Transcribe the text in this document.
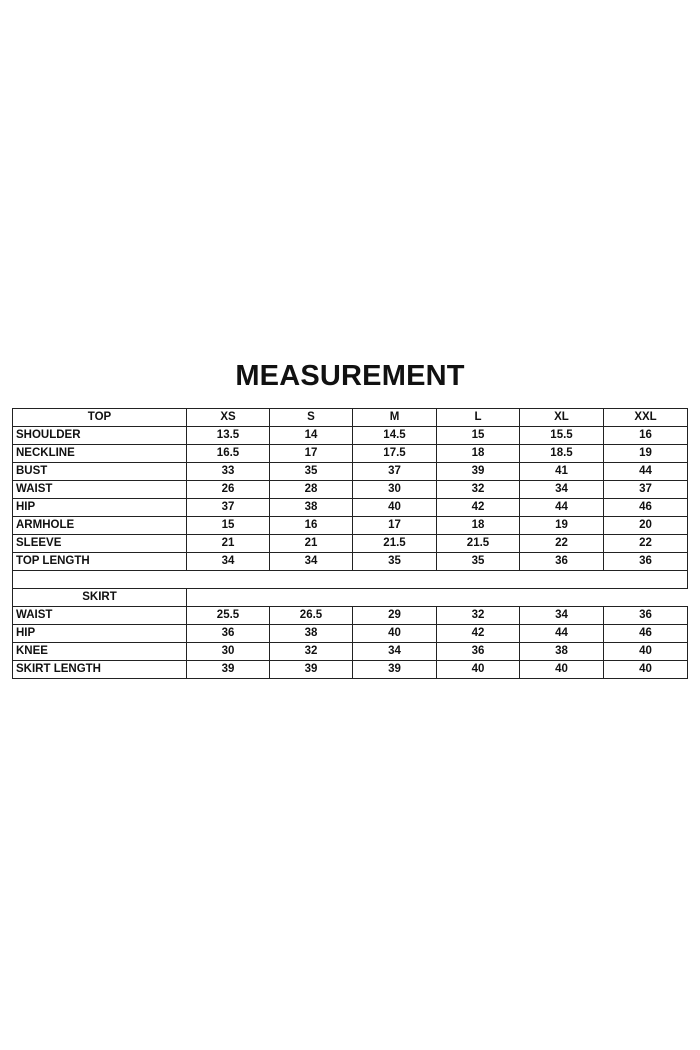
MEASUREMENT
TOP	XS	S	M	L	XL	XXL
SHOULDER	13.5	14	14.5	15	15.5	16
NECKLINE	16.5	17	17.5	18	18.5	19
BUST	33	35	37	39	41	44
WAIST	26	28	30	32	34	37
HIP	37	38	40	42	44	46
ARMHOLE	15	16	17	18	19	20
SLEEVE	21	21	21.5	21.5	22	22
TOP LENGTH	34	34	35	35	36	36

SKIRT						
WAIST	25.5	26.5	29	32	34	36
HIP	36	38	40	42	44	46
KNEE	30	32	34	36	38	40
SKIRT LENGTH	39	39	39	40	40	40
